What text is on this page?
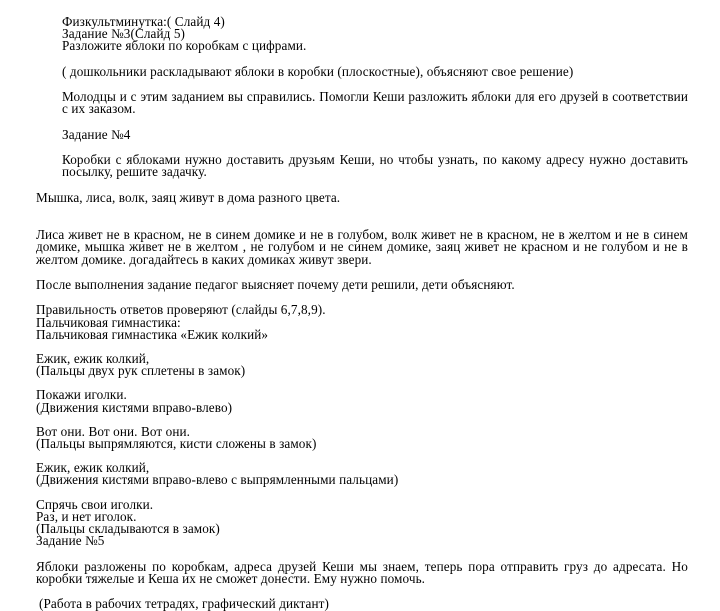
Физкультминутка:( Слайд 4)

Задание №3(Слайд 5)

Разложите яблоки по коробкам с цифрами.

( дошкольники раскладывают яблоки в коробки (плоскостные), объясняют свое решение)

Молодцы и с этим заданием вы справились. Помогли Кеши разложить яблоки для его друзей в соответствии с их заказом.

Задание №4

Коробки с яблоками нужно доставить друзьям Кеши, но чтобы узнать, по какому адресу нужно доставить посылку, решите задачку.

Мышка, лиса, волк, заяц живут в дома разного цвета.

Лиса живет не в красном, не в синем домике и не в голубом, волк живет не в красном, не в желтом и не в синем домике, мышка живет не в желтом , не голубом и не синем домике, заяц живет не красном и не голубом и не в желтом домике. догадайтесь в каких домиках живут звери.

После выполнения задание педагог выясняет почему дети решили, дети объясняют.

Правильность ответов проверяют (слайды 6,7,8,9).

Пальчиковая гимнастика:

Пальчиковая гимнастика «Ежик колкий»

Ежик, ежик колкий,

(Пальцы двух рук сплетены в замок)

Покажи иголки.

(Движения кистями вправо-влево)

Вот они. Вот они. Вот они.

(Пальцы выпрямляются, кисти сложены в замок)

Ежик, ежик колкий,

(Движения кистями вправо-влево с выпрямленными пальцами)

Спрячь свои иголки.

Раз, и нет иголок.

(Пальцы складываются в замок)

Задание №5

Яблоки разложены по коробкам, адреса друзей Кеши мы знаем, теперь пора отправить груз до адресата. Но коробки тяжелые и Кеша их не сможет донести. Ему нужно помочь.

(Работа в рабочих тетрадях, графический диктант)
